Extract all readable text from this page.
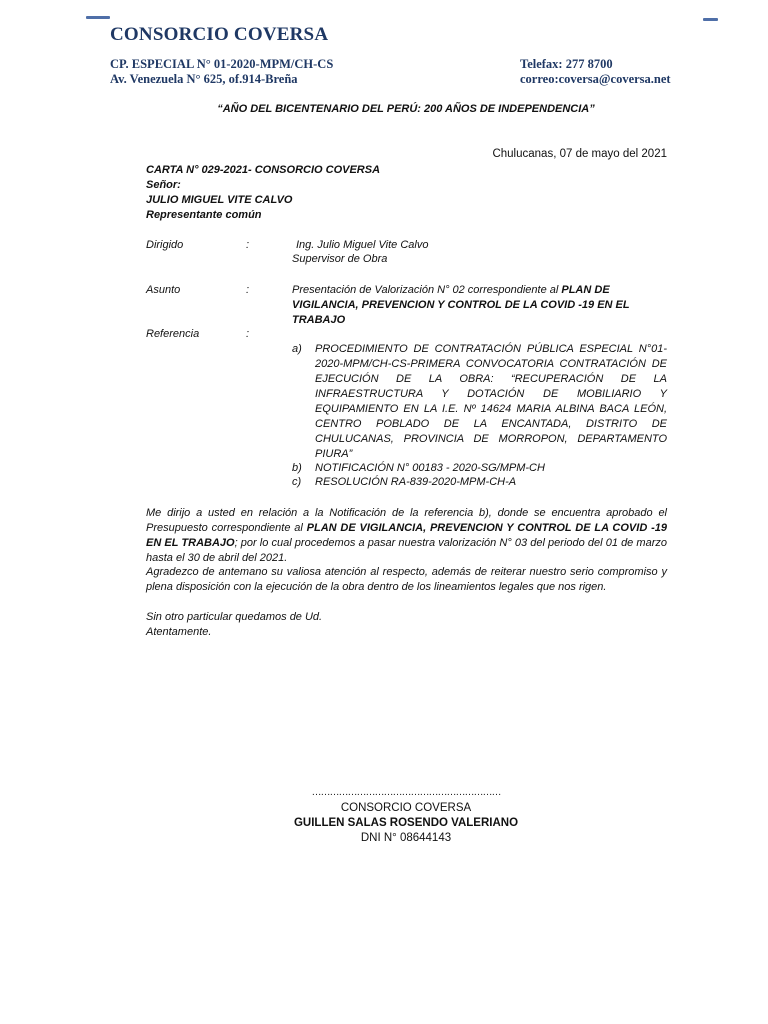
CONSORCIO COVERSA
CP. ESPECIAL N° 01-2020-MPM/CH-CS
Av. Venezuela N° 625, of.914-Breña
Telefax: 277 8700
correo:coversa@coversa.net
“AÑO DEL BICENTENARIO DEL PERÚ: 200 AÑOS DE INDEPENDENCIA”
Chulucanas, 07 de mayo del 2021
CARTA N° 029-2021- CONSORCIO COVERSA
Señor:
JULIO MIGUEL VITE CALVO
Representante común
Dirigido	:	Ing. Julio Miguel Vite Calvo
Supervisor de Obra
Asunto	:	Presentación de Valorización N° 02 correspondiente al PLAN DE VIGILANCIA, PREVENCION Y CONTROL DE LA COVID -19 EN EL TRABAJO
Referencia	:
a) PROCEDIMIENTO DE CONTRATACIÓN PÚBLICA ESPECIAL N°01-2020-MPM/CH-CS-PRIMERA CONVOCATORIA CONTRATACIÓN DE EJECUCIÓN DE LA OBRA: “RECUPERACIÓN DE LA INFRAESTRUCTURA Y DOTACIÓN DE MOBILIARIO Y EQUIPAMIENTO EN LA I.E. Nº 14624 MARIA ALBINA BACA LEÓN, CENTRO POBLADO DE LA ENCANTADA, DISTRITO DE CHULUCANAS, PROVINCIA DE MORROPON, DEPARTAMENTO PIURA”
b) NOTIFICACIÓN N° 00183 - 2020-SG/MPM-CH
c) RESOLUCIÓN RA-839-2020-MPM-CH-A
Me dirijo a usted en relación a la Notificación de la referencia b), donde se encuentra aprobado el Presupuesto correspondiente al PLAN DE VIGILANCIA, PREVENCION Y CONTROL DE LA COVID -19 EN EL TRABAJO; por lo cual procedemos a pasar nuestra valorización N° 03 del periodo del 01 de marzo hasta el 30 de abril del 2021.
Agradezco de antemano su valiosa atención al respecto, además de reiterar nuestro serio compromiso y plena disposición con la ejecución de la obra dentro de los lineamientos legales que nos rigen.
Sin otro particular quedamos de Ud.
Atentamente.
………………………………………………………
CONSORCIO COVERSA
GUILLEN SALAS ROSENDO VALERIANO
DNI N° 08644143
